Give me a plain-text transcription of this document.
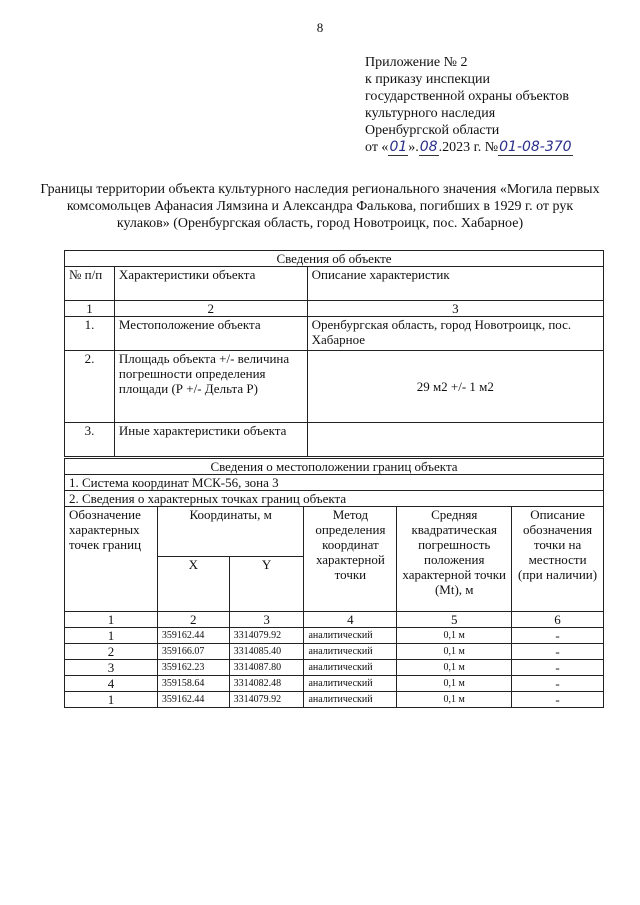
8
Приложение № 2
к приказу инспекции
государственной охраны объектов
культурного наследия
Оренбургской области
от «01».08.2023 г. №01-08-370
Границы территории объекта культурного наследия регионального значения «Могила первых комсомольцев Афанасия Лямзина и Александра Фалькова, погибших в 1929 г. от рук кулаков» (Оренбургская область, город Новотроицк, пос. Хабарное)
Сведения об объекте		
№ п/п	Характеристики объекта	Описание характеристик
1	2	3
1.	Местоположение объекта	Оренбургская область, город Новотроицк, пос. Хабарное
2.	Площадь объекта +/- величина погрешности определения площади (Р +/- Дельта Р)	29 м2 +/- 1 м2
3.	Иные характеристики объекта	
Сведения о местоположении границ объекта					
1. Система координат МСК-56, зона 3					
2. Сведения о характерных точках границ объекта					
Обозначение характерных точек границ	Координаты, м		Метод определения координат характерной точки	Средняя квадратическая погрешность положения характерной точки (Mt), м	Описание обозначения точки на местности (при наличии)
	X	Y			
1	2	3	4	5	6
1	359162.44	3314079.92	аналитический	0,1 м	-
2	359166.07	3314085.40	аналитический	0,1 м	-
3	359162.23	3314087.80	аналитический	0,1 м	-
4	359158.64	3314082.48	аналитический	0,1 м	-
1	359162.44	3314079.92	аналитический	0,1 м	-
